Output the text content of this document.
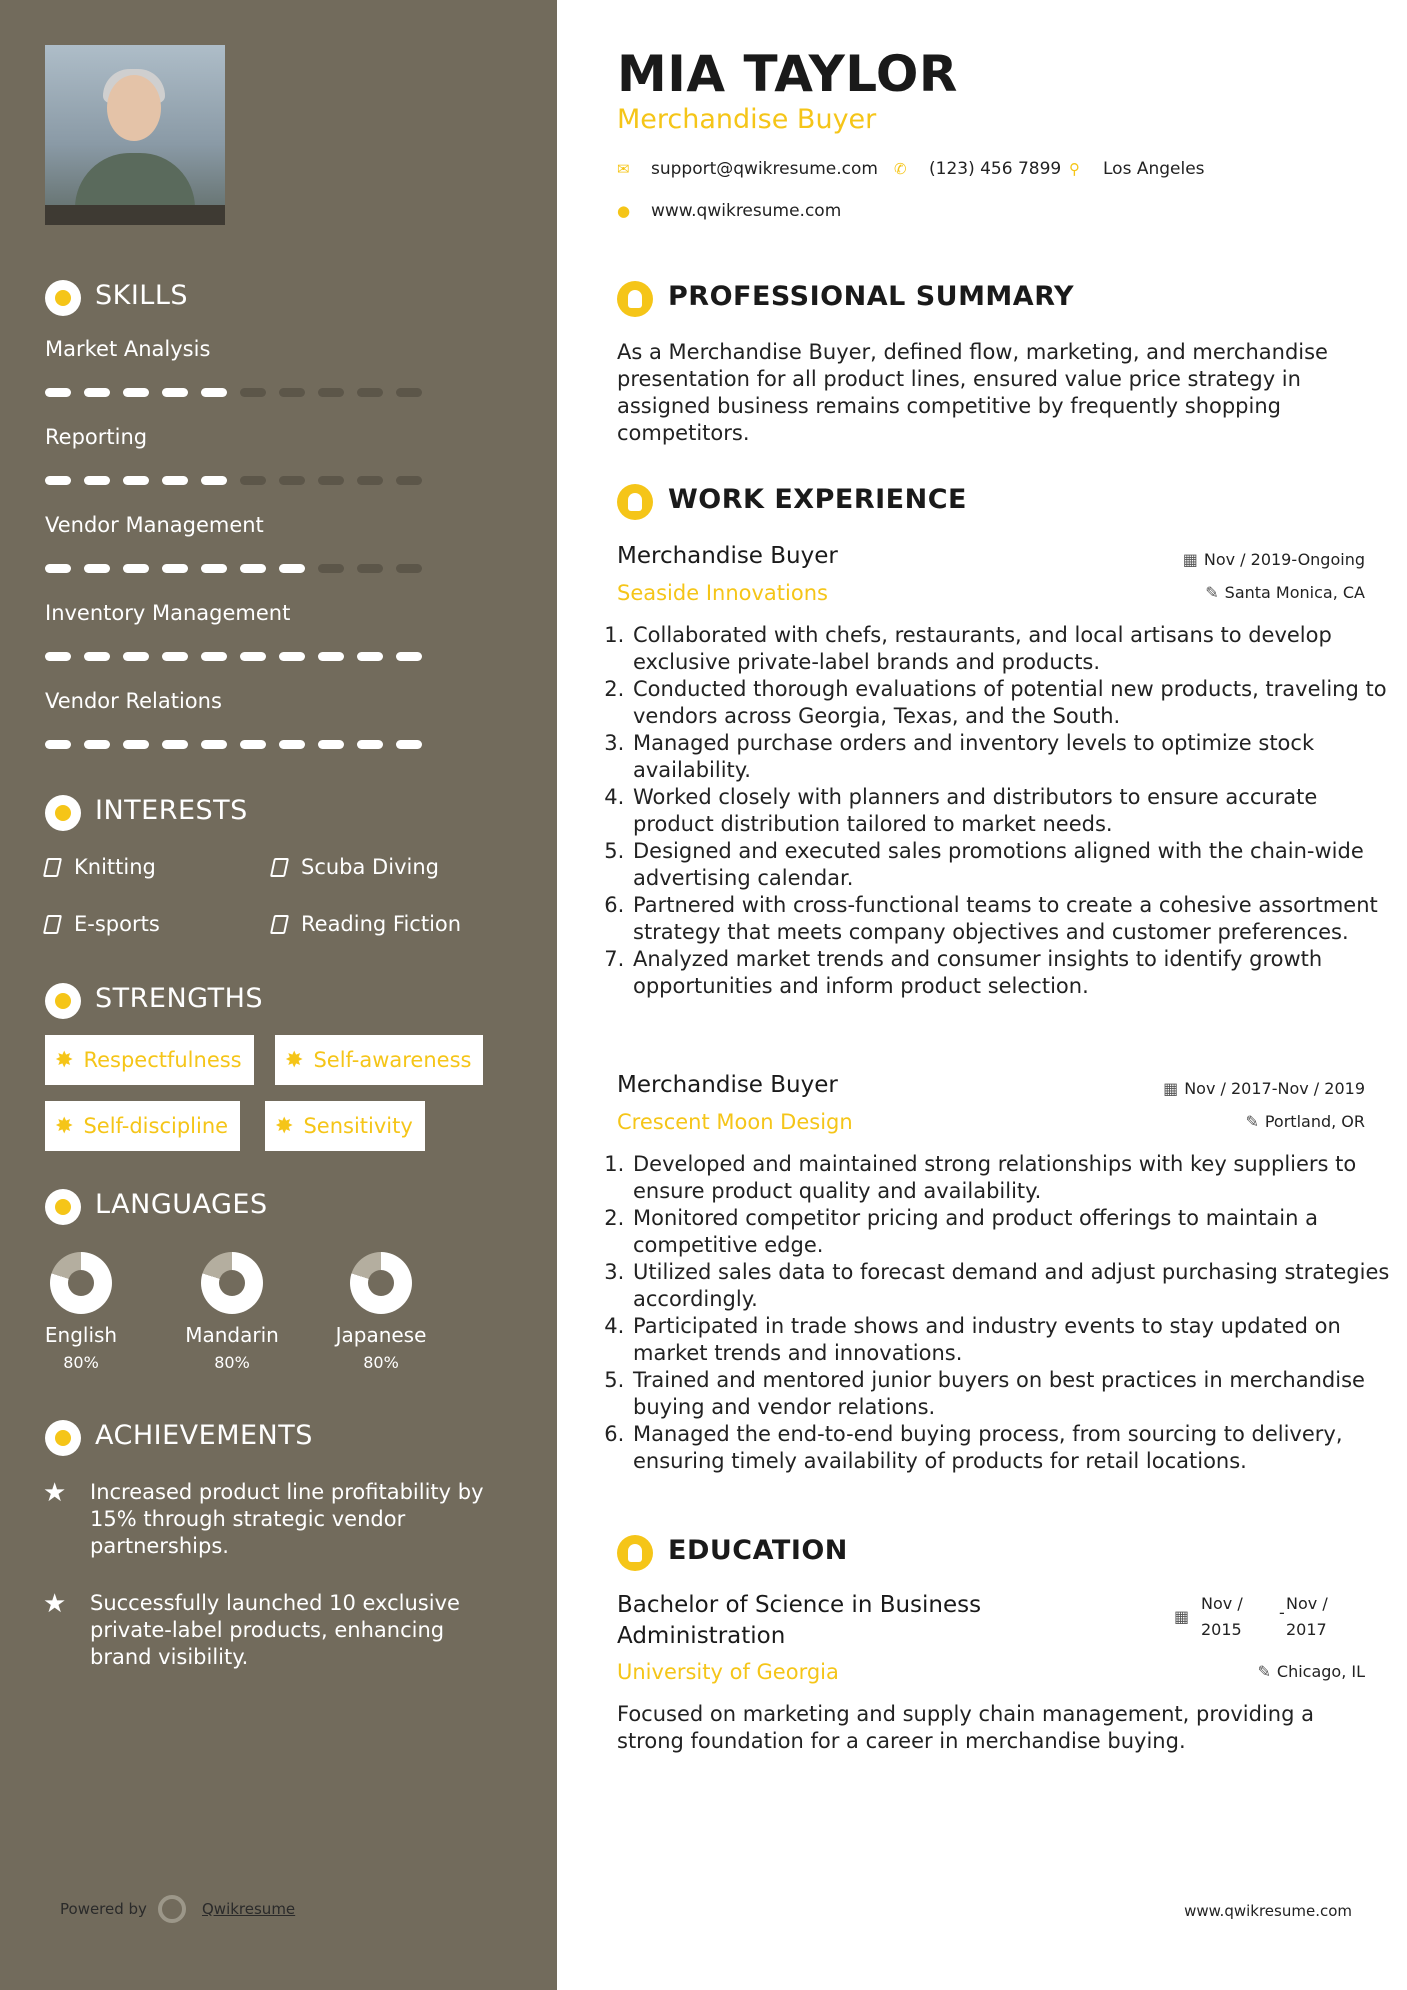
SKILLS
Market Analysis
Reporting
Vendor Management
Inventory Management
Vendor Relations
INTERESTS
Knitting	Scuba Diving
E-sports	Reading Fiction
STRENGTHS
✸ Respectfulness ✸ Self-awareness
✸ Self-discipline ✸ Sensitivity
LANGUAGES
English
80%
Mandarin
80%
Japanese
80%
ACHIEVEMENTS
★ Increased product line profitability by 15% through strategic vendor partnerships.
★ Successfully launched 10 exclusive private-label products, enhancing brand visibility.
Powered by	Qwikresume
MIA TAYLOR
Merchandise Buyer
✉ support@qwikresume.com ✆ (123) 456 7899 ⚲ Los Angeles
● www.qwikresume.com
PROFESSIONAL SUMMARY
As a Merchandise Buyer, defined flow, marketing, and merchandise presentation for all product lines, ensured value price strategy in assigned business remains competitive by frequently shopping competitors.
WORK EXPERIENCE
Merchandise Buyer	▦ Nov / 2019-Ongoing
Seaside Innovations	✎ Santa Monica, CA
1. Collaborated with chefs, restaurants, and local artisans to develop exclusive private-label brands and products.
2. Conducted thorough evaluations of potential new products, traveling to vendors across Georgia, Texas, and the South.
3. Managed purchase orders and inventory levels to optimize stock availability.
4. Worked closely with planners and distributors to ensure accurate product distribution tailored to market needs.
5. Designed and executed sales promotions aligned with the chain-wide advertising calendar.
6. Partnered with cross-functional teams to create a cohesive assortment strategy that meets company objectives and customer preferences.
7. Analyzed market trends and consumer insights to identify growth opportunities and inform product selection.
Merchandise Buyer	▦ Nov / 2017-Nov / 2019
Crescent Moon Design	✎ Portland, OR
1. Developed and maintained strong relationships with key suppliers to ensure product quality and availability.
2. Monitored competitor pricing and product offerings to maintain a competitive edge.
3. Utilized sales data to forecast demand and adjust purchasing strategies accordingly.
4. Participated in trade shows and industry events to stay updated on market trends and innovations.
5. Trained and mentored junior buyers on best practices in merchandise buying and vendor relations.
6. Managed the end-to-end buying process, from sourcing to delivery, ensuring timely availability of products for retail locations.
EDUCATION
Bachelor of Science in Business Administration
▦
Nov /
2015
- Nov /
2017
University of Georgia	✎ Chicago, IL
Focused on marketing and supply chain management, providing a strong foundation for a career in merchandise buying.
www.qwikresume.com
